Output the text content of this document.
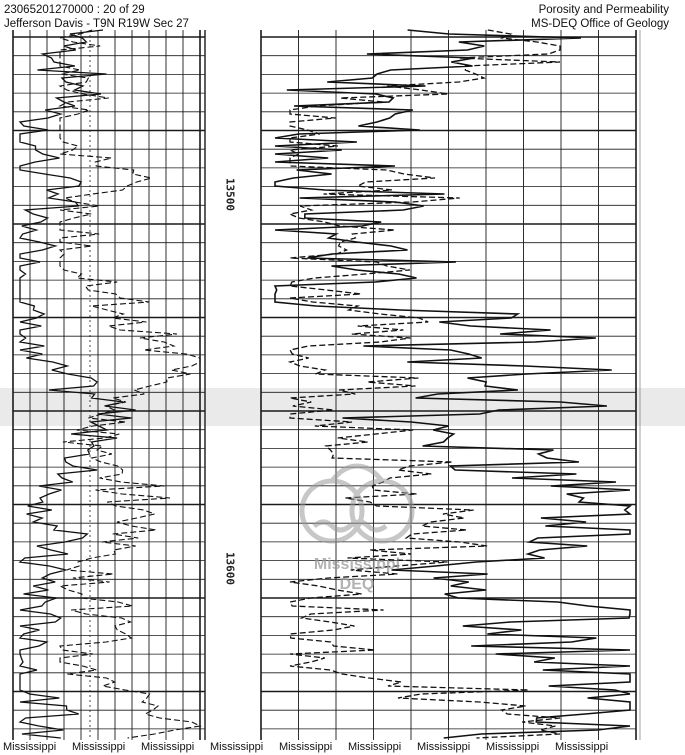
23065201270000 : 20 of 29
Jefferson Davis - T9N R19W Sec 27
Porosity and Permeability
MS-DEQ Office of Geology
13500
13600	Mississippi
DEQ
Mississippi Mississippi Mississippi Mississippi Mississippi Mississippi Mississippi Mississippi Mississippi
